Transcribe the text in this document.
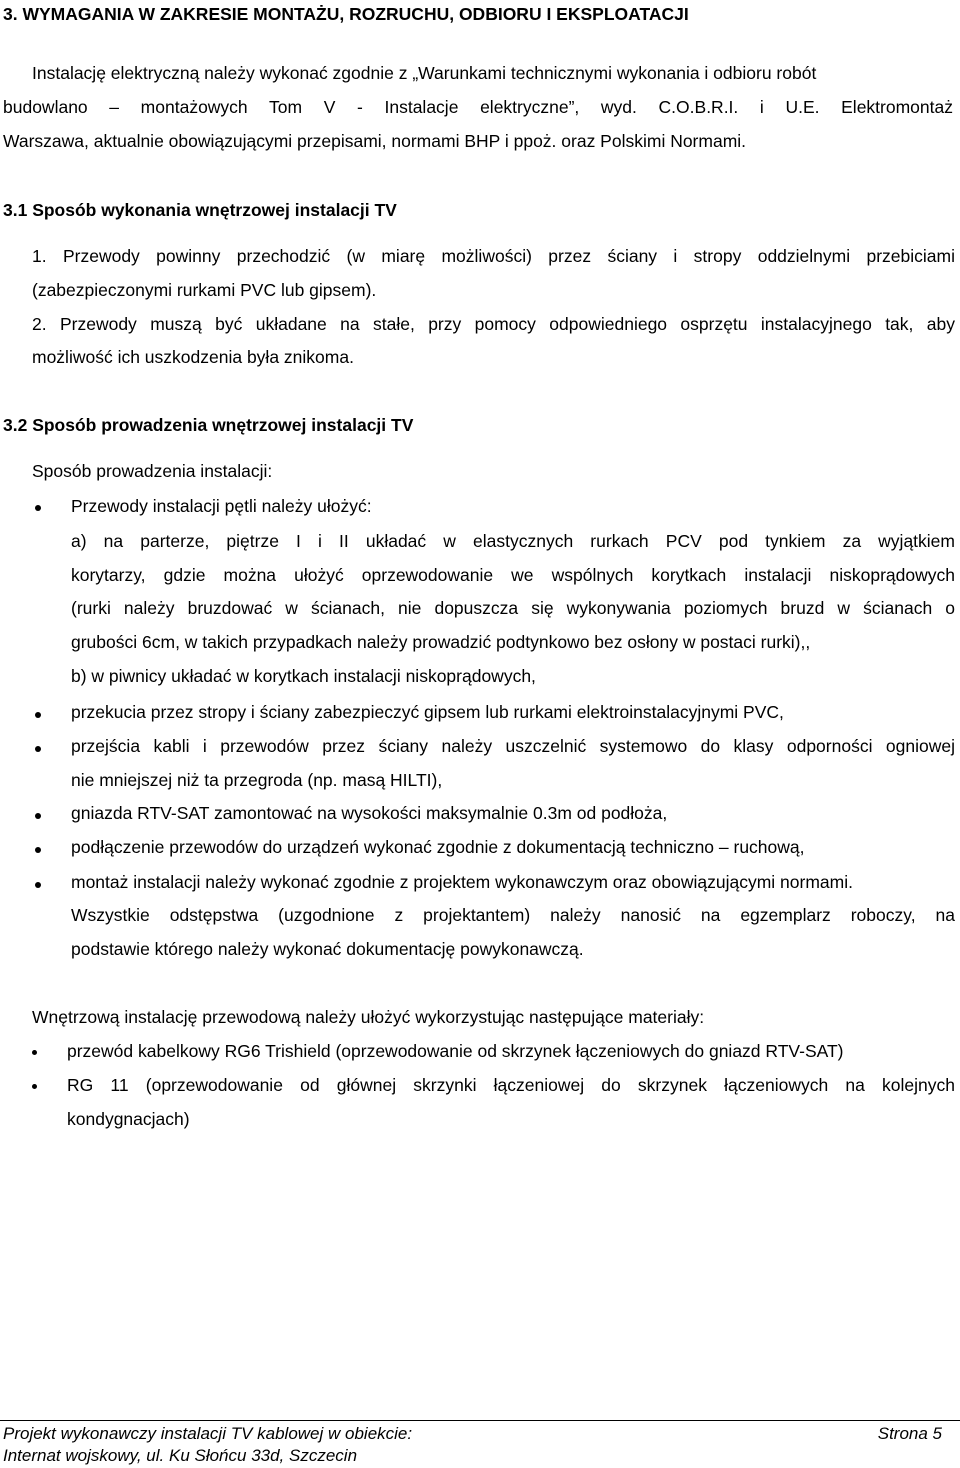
3. WYMAGANIA W ZAKRESIE MONTAŻU, ROZRUCHU, ODBIORU I EKSPLOATACJI
Instalację elektryczną należy wykonać zgodnie z „Warunkami technicznymi wykonania i odbioru robót
budowlano – montażowych Tom V - Instalacje elektryczne”, wyd. C.O.B.R.I. i U.E. Elektromontaż
Warszawa, aktualnie obowiązującymi przepisami, normami BHP i ppoż. oraz Polskimi Normami.
3.1 Sposób wykonania wnętrzowej instalacji TV
1. Przewody powinny przechodzić (w miarę możliwości) przez ściany i stropy oddzielnymi przebiciami
(zabezpieczonymi rurkami PVC lub gipsem).
2. Przewody muszą być układane na stałe, przy pomocy odpowiedniego osprzętu instalacyjnego tak, aby
możliwość ich uszkodzenia była znikoma.
3.2 Sposób prowadzenia wnętrzowej instalacji TV
Sposób prowadzenia instalacji:
Przewody instalacji pętli należy ułożyć:
a) na parterze, piętrze I i II układać w elastycznych rurkach PCV pod tynkiem za wyjątkiem
korytarzy, gdzie można ułożyć oprzewodowanie we wspólnych korytkach instalacji niskoprądowych
(rurki należy bruzdować w ścianach, nie dopuszcza się wykonywania poziomych bruzd w ścianach o
grubości 6cm, w takich przypadkach należy prowadzić podtynkowo bez osłony w postaci rurki),,
b) w piwnicy układać w korytkach instalacji niskoprądowych,
przekucia przez stropy i ściany zabezpieczyć gipsem lub rurkami elektroinstalacyjnymi PVC,
przejścia kabli i przewodów przez ściany należy uszczelnić systemowo do klasy odporności ogniowej
nie mniejszej niż ta przegroda (np. masą HILTI),
gniazda RTV-SAT zamontować na wysokości maksymalnie 0.3m od podłoża,
podłączenie przewodów do urządzeń wykonać zgodnie z dokumentacją techniczno – ruchową,
montaż instalacji należy wykonać zgodnie z projektem wykonawczym oraz obowiązującymi normami.
Wszystkie odstępstwa (uzgodnione z projektantem) należy nanosić na egzemplarz roboczy, na
podstawie którego należy wykonać dokumentację powykonawczą.
Wnętrzową instalację przewodową należy ułożyć wykorzystując następujące materiały:
przewód kabelkowy RG6 Trishield (oprzewodowanie od skrzynek łączeniowych do gniazd RTV-SAT)
RG 11 (oprzewodowanie od głównej skrzynki łączeniowej do skrzynek łączeniowych na kolejnych
kondygnacjach)
Projekt wykonawczy instalacji TV kablowej w obiekcie:	Strona 5
Internat wojskowy, ul. Ku Słońcu 33d, Szczecin
